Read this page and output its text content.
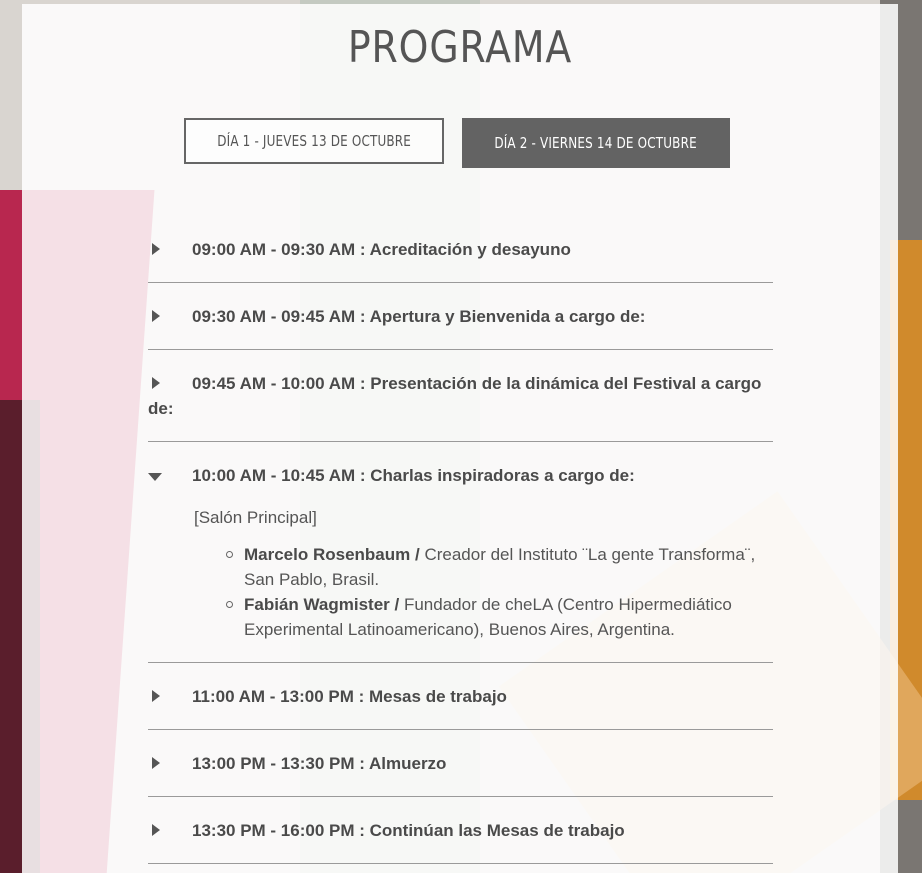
PROGRAMA
DÍA 1 - JUEVES 13 DE OCTUBRE	DÍA 2 - VIERNES 14 DE OCTUBRE
09:00 AM - 09:30 AM : Acreditación y desayuno
09:30 AM - 09:45 AM : Apertura y Bienvenida a cargo de:
09:45 AM - 10:00 AM : Presentación de la dinámica del Festival a cargo de:
10:00 AM - 10:45 AM : Charlas inspiradoras a cargo de:
[Salón Principal]
Marcelo Rosenbaum / Creador del Instituto ¨La gente Transforma¨, San Pablo, Brasil.
Fabián Wagmister / Fundador de cheLA (Centro Hipermediático Experimental Latinoamericano), Buenos Aires, Argentina.
11:00 AM - 13:00 PM : Mesas de trabajo
13:00 PM - 13:30 PM : Almuerzo
13:30 PM - 16:00 PM : Continúan las Mesas de trabajo
